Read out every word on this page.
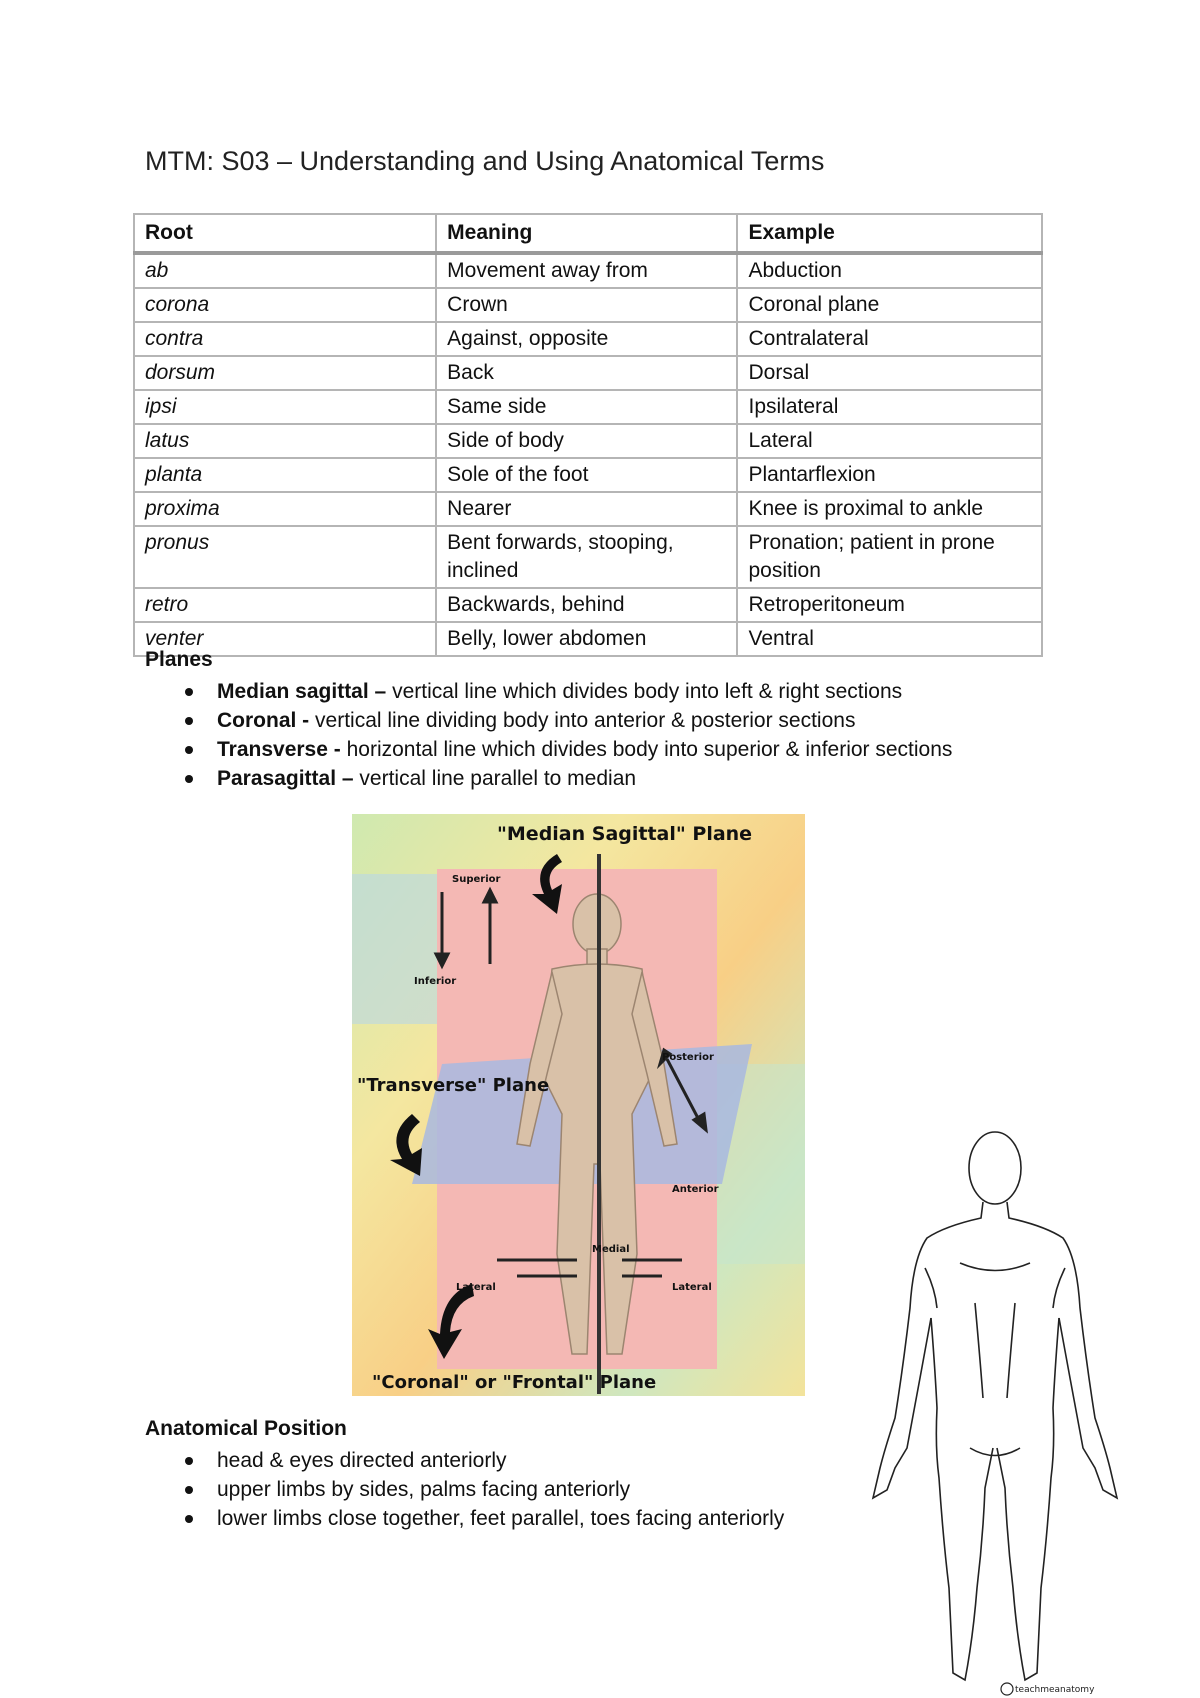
MTM: S03 – Understanding and Using Anatomical Terms
Root	Meaning	Example
ab	Movement away from	Abduction
corona	Crown	Coronal plane
contra	Against, opposite	Contralateral
dorsum	Back	Dorsal
ipsi	Same side	Ipsilateral
latus	Side of body	Lateral
planta	Sole of the foot	Plantarflexion
proxima	Nearer	Knee is proximal to ankle
pronus	Bent forwards, stooping, inclined	Pronation; patient in prone position
retro	Backwards, behind	Retroperitoneum
venter	Belly, lower abdomen	Ventral
Planes
Median sagittal – vertical line which divides body into left & right sections
Coronal - vertical line dividing body into anterior & posterior sections
Transverse - horizontal line which divides body into superior & inferior sections
Parasagittal – vertical line parallel to median
"Median Sagittal" Plane
Superior
Inferior
"Transverse" Plane
Posterior
Anterior
Medial
Lateral	Lateral
"Coronal" or "Frontal" Plane
Anatomical Position
head & eyes directed anteriorly
upper limbs by sides, palms facing anteriorly
lower limbs close together, feet parallel, toes facing anteriorly
teachmeanatomy
